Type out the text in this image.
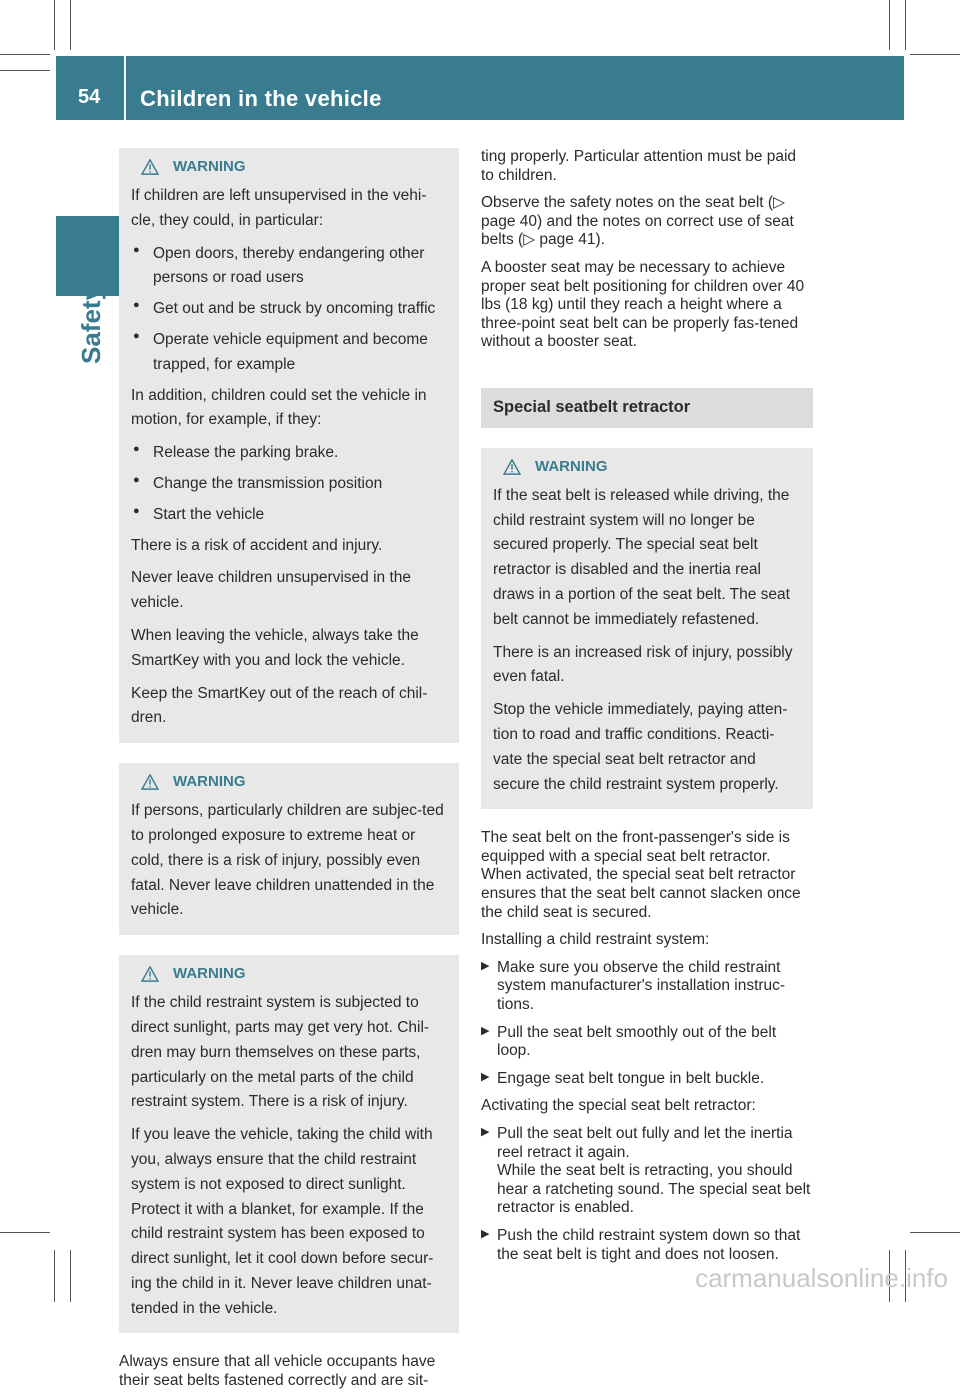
54 Children in the vehicle
Safety
WARNING

If children are left unsupervised in the vehi-cle, they could, in particular:

● Open doors, thereby endangering other persons or road users
● Get out and be struck by oncoming traffic
● Operate vehicle equipment and become trapped, for example

In addition, children could set the vehicle in motion, for example, if they:

● Release the parking brake.
● Change the transmission position
● Start the vehicle

There is a risk of accident and injury.

Never leave children unsupervised in the vehicle.

When leaving the vehicle, always take the SmartKey with you and lock the vehicle.

Keep the SmartKey out of the reach of chil-dren.

WARNING

If persons, particularly children are subjec-ted to prolonged exposure to extreme heat or cold, there is a risk of injury, possibly even fatal. Never leave children unattended in the vehicle.

WARNING

If the child restraint system is subjected to direct sunlight, parts may get very hot. Chil-dren may burn themselves on these parts, particularly on the metal parts of the child restraint system. There is a risk of injury.

If you leave the vehicle, taking the child with you, always ensure that the child restraint system is not exposed to direct sunlight. Protect it with a blanket, for example. If the child restraint system has been exposed to direct sunlight, let it cool down before secur-ing the child in it. Never leave children unat-tended in the vehicle.

Always ensure that all vehicle occupants have their seat belts fastened correctly and are sit-

ting properly. Particular attention must be paid to children.

Observe the safety notes on the seat belt (▷ page 40) and the notes on correct use of seat belts (▷ page 41).

A booster seat may be necessary to achieve proper seat belt positioning for children over 40 lbs (18 kg) until they reach a height where a three-point seat belt can be properly fas-tened without a booster seat.

Special seatbelt retractor
WARNING

If the seat belt is released while driving, the child restraint system will no longer be secured properly. The special seat belt retractor is disabled and the inertia real draws in a portion of the seat belt. The seat belt cannot be immediately refastened.

There is an increased risk of injury, possibly even fatal.

Stop the vehicle immediately, paying atten-tion to road and traffic conditions. Reacti-vate the special seat belt retractor and secure the child restraint system properly.

The seat belt on the front-passenger's side is equipped with a special seat belt retractor. When activated, the special seat belt retractor ensures that the seat belt cannot slacken once the child seat is secured.

Installing a child restraint system:

▶ Make sure you observe the child restraint system manufacturer's installation instruc-tions.
▶ Pull the seat belt smoothly out of the belt loop.
▶ Engage seat belt tongue in belt buckle.

Activating the special seat belt retractor:

▶ Pull the seat belt out fully and let the inertia reel retract it again.
While the seat belt is retracting, you should hear a ratcheting sound. The special seat belt retractor is enabled.
▶ Push the child restraint system down so that the seat belt is tight and does not loosen.
carmanualsonline.info
